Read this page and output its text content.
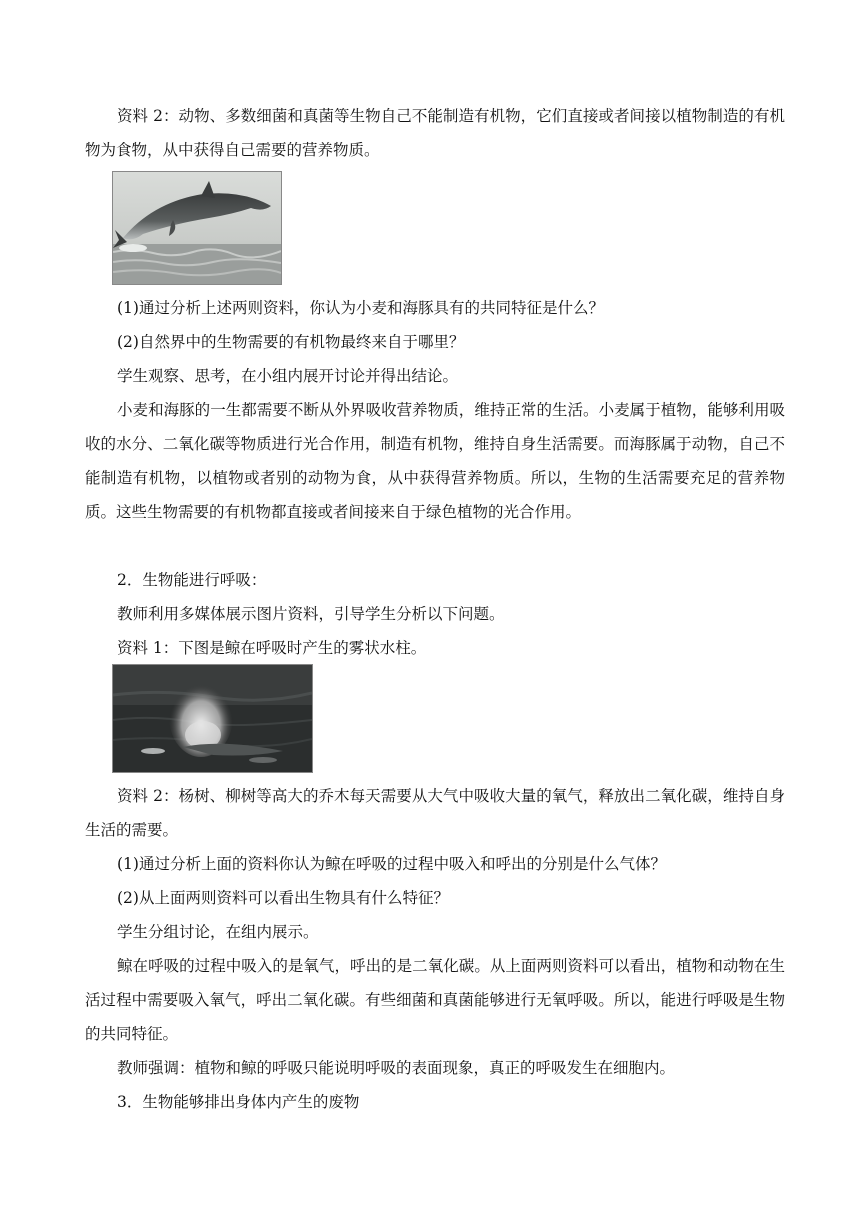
资料 2：动物、多数细菌和真菌等生物自己不能制造有机物，它们直接或者间接以植物制造的有机物为食物，从中获得自己需要的营养物质。

(1)通过分析上述两则资料，你认为小麦和海豚具有的共同特征是什么？

(2)自然界中的生物需要的有机物最终来自于哪里？

学生观察、思考，在小组内展开讨论并得出结论。

小麦和海豚的一生都需要不断从外界吸收营养物质，维持正常的生活。小麦属于植物，能够利用吸收的水分、二氧化碳等物质进行光合作用，制造有机物，维持自身生活需要。而海豚属于动物，自己不能制造有机物，以植物或者别的动物为食，从中获得营养物质。所以，生物的生活需要充足的营养物质。这些生物需要的有机物都直接或者间接来自于绿色植物的光合作用。

2．生物能进行呼吸：

教师利用多媒体展示图片资料，引导学生分析以下问题。

资料 1：下图是鲸在呼吸时产生的雾状水柱。

资料 2：杨树、柳树等高大的乔木每天需要从大气中吸收大量的氧气，释放出二氧化碳，维持自身生活的需要。

(1)通过分析上面的资料你认为鲸在呼吸的过程中吸入和呼出的分别是什么气体？

(2)从上面两则资料可以看出生物具有什么特征？

学生分组讨论，在组内展示。

鲸在呼吸的过程中吸入的是氧气，呼出的是二氧化碳。从上面两则资料可以看出，植物和动物在生活过程中需要吸入氧气，呼出二氧化碳。有些细菌和真菌能够进行无氧呼吸。所以，能进行呼吸是生物的共同特征。

教师强调：植物和鲸的呼吸只能说明呼吸的表面现象，真正的呼吸发生在细胞内。

3．生物能够排出身体内产生的废物
